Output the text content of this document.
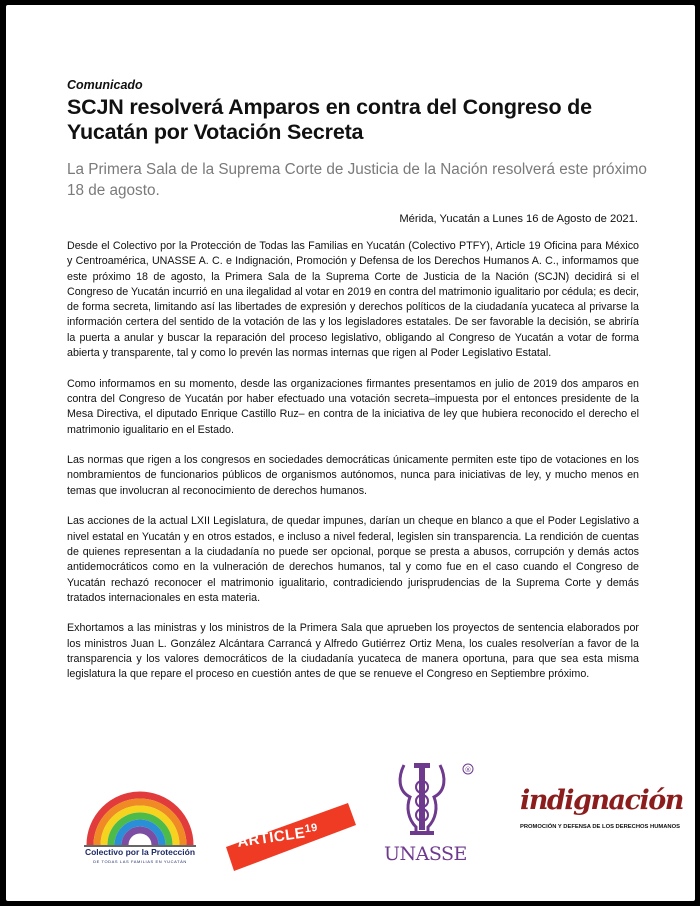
Comunicado
SCJN resolverá Amparos en contra del Congreso de Yucatán por Votación Secreta
La Primera Sala de la Suprema Corte de Justicia de la Nación resolverá este próximo 18 de agosto.
Mérida, Yucatán a Lunes 16 de Agosto de 2021.

Desde el Colectivo por la Protección de Todas las Familias en Yucatán (Colectivo PTFY), Article 19 Oficina para México y Centroamérica, UNASSE A. C. e Indignación, Promoción y Defensa de los Derechos Humanos A. C., informamos que este próximo 18 de agosto, la Primera Sala de la Suprema Corte de Justicia de la Nación (SCJN) decidirá si el Congreso de Yucatán incurrió en una ilegalidad al votar en 2019 en contra del matrimonio igualitario por cédula; es decir, de forma secreta, limitando así las libertades de expresión y derechos políticos de la ciudadanía yucateca al privarse la información certera del sentido de la votación de las y los legisladores estatales. De ser favorable la decisión, se abriría la puerta a anular y buscar la reparación del proceso legislativo, obligando al Congreso de Yucatán a votar de forma abierta y transparente, tal y como lo prevén las normas internas que rigen al Poder Legislativo Estatal.

Como informamos en su momento, desde las organizaciones firmantes presentamos en julio de 2019 dos amparos en contra del Congreso de Yucatán por haber efectuado una votación secreta–impuesta por el entonces presidente de la Mesa Directiva, el diputado Enrique Castillo Ruz– en contra de la iniciativa de ley que hubiera reconocido el derecho el matrimonio igualitario en el Estado.

Las normas que rigen a los congresos en sociedades democráticas únicamente permiten este tipo de votaciones en los nombramientos de funcionarios públicos de organismos autónomos, nunca para iniciativas de ley, y mucho menos en temas que involucran al reconocimiento de derechos humanos.

Las acciones de la actual LXII Legislatura, de quedar impunes, darían un cheque en blanco a que el Poder Legislativo a nivel estatal en Yucatán y en otros estados, e incluso a nivel federal, legislen sin transparencia. La rendición de cuentas de quienes representan a la ciudadanía no puede ser opcional, porque se presta a abusos, corrupción y demás actos antidemocráticos como en la vulneración de derechos humanos, tal y como fue en el caso cuando el Congreso de Yucatán rechazó reconocer el matrimonio igualitario, contradiciendo jurisprudencias de la Suprema Corte y demás tratados internacionales en esta materia.

Exhortamos a las ministras y los ministros de la Primera Sala que aprueben los proyectos de sentencia elaborados por los ministros Juan L. González Alcántara Carrancá y Alfredo Gutiérrez Ortiz Mena, los cuales resolverían a favor de la transparencia y los valores democráticos de la ciudadanía yucateca de manera oportuna, para que sea esta misma legislatura la que repare el proceso en cuestión antes de que se renueve el Congreso en Septiembre próximo.

Colectivo por la Protección
DE TODAS LAS FAMILIAS EN YUCATÁN
ARTICLE$^{19}$
®
UNASSE
indignación
PROMOCIÓN Y DEFENSA DE LOS DERECHOS HUMANOS
